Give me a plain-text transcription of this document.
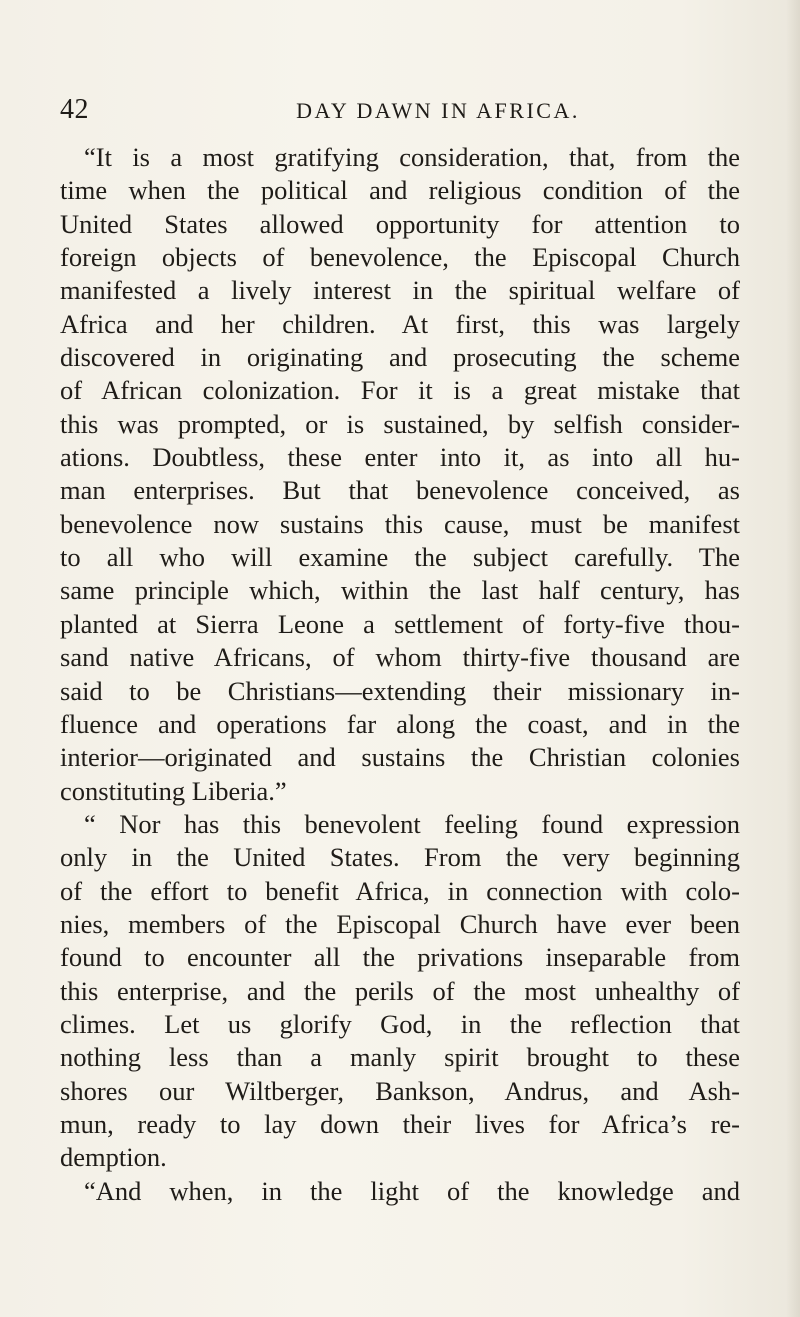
42	DAY DAWN IN AFRICA.
“It is a most gratifying consideration, that, from the
time when the political and religious condition of the
United States allowed opportunity for attention to
foreign objects of benevolence, the Episcopal Church
manifested a lively interest in the spiritual welfare of
Africa and her children. At first, this was largely
discovered in originating and prosecuting the scheme
of African colonization. For it is a great mistake that
this was prompted, or is sustained, by selfish consider-
ations. Doubtless, these enter into it, as into all hu-
man enterprises. But that benevolence conceived, as
benevolence now sustains this cause, must be manifest
to all who will examine the subject carefully. The
same principle which, within the last half century, has
planted at Sierra Leone a settlement of forty-five thou-
sand native Africans, of whom thirty-five thousand are
said to be Christians—extending their missionary in-
fluence and operations far along the coast, and in the
interior—originated and sustains the Christian colonies
constituting Liberia.”
“ Nor has this benevolent feeling found expression
only in the United States. From the very beginning
of the effort to benefit Africa, in connection with colo-
nies, members of the Episcopal Church have ever been
found to encounter all the privations inseparable from
this enterprise, and the perils of the most unhealthy of
climes. Let us glorify God, in the reflection that
nothing less than a manly spirit brought to these
shores our Wiltberger, Bankson, Andrus, and Ash-
mun, ready to lay down their lives for Africa’s re-
demption.
“And when, in the light of the knowledge and
